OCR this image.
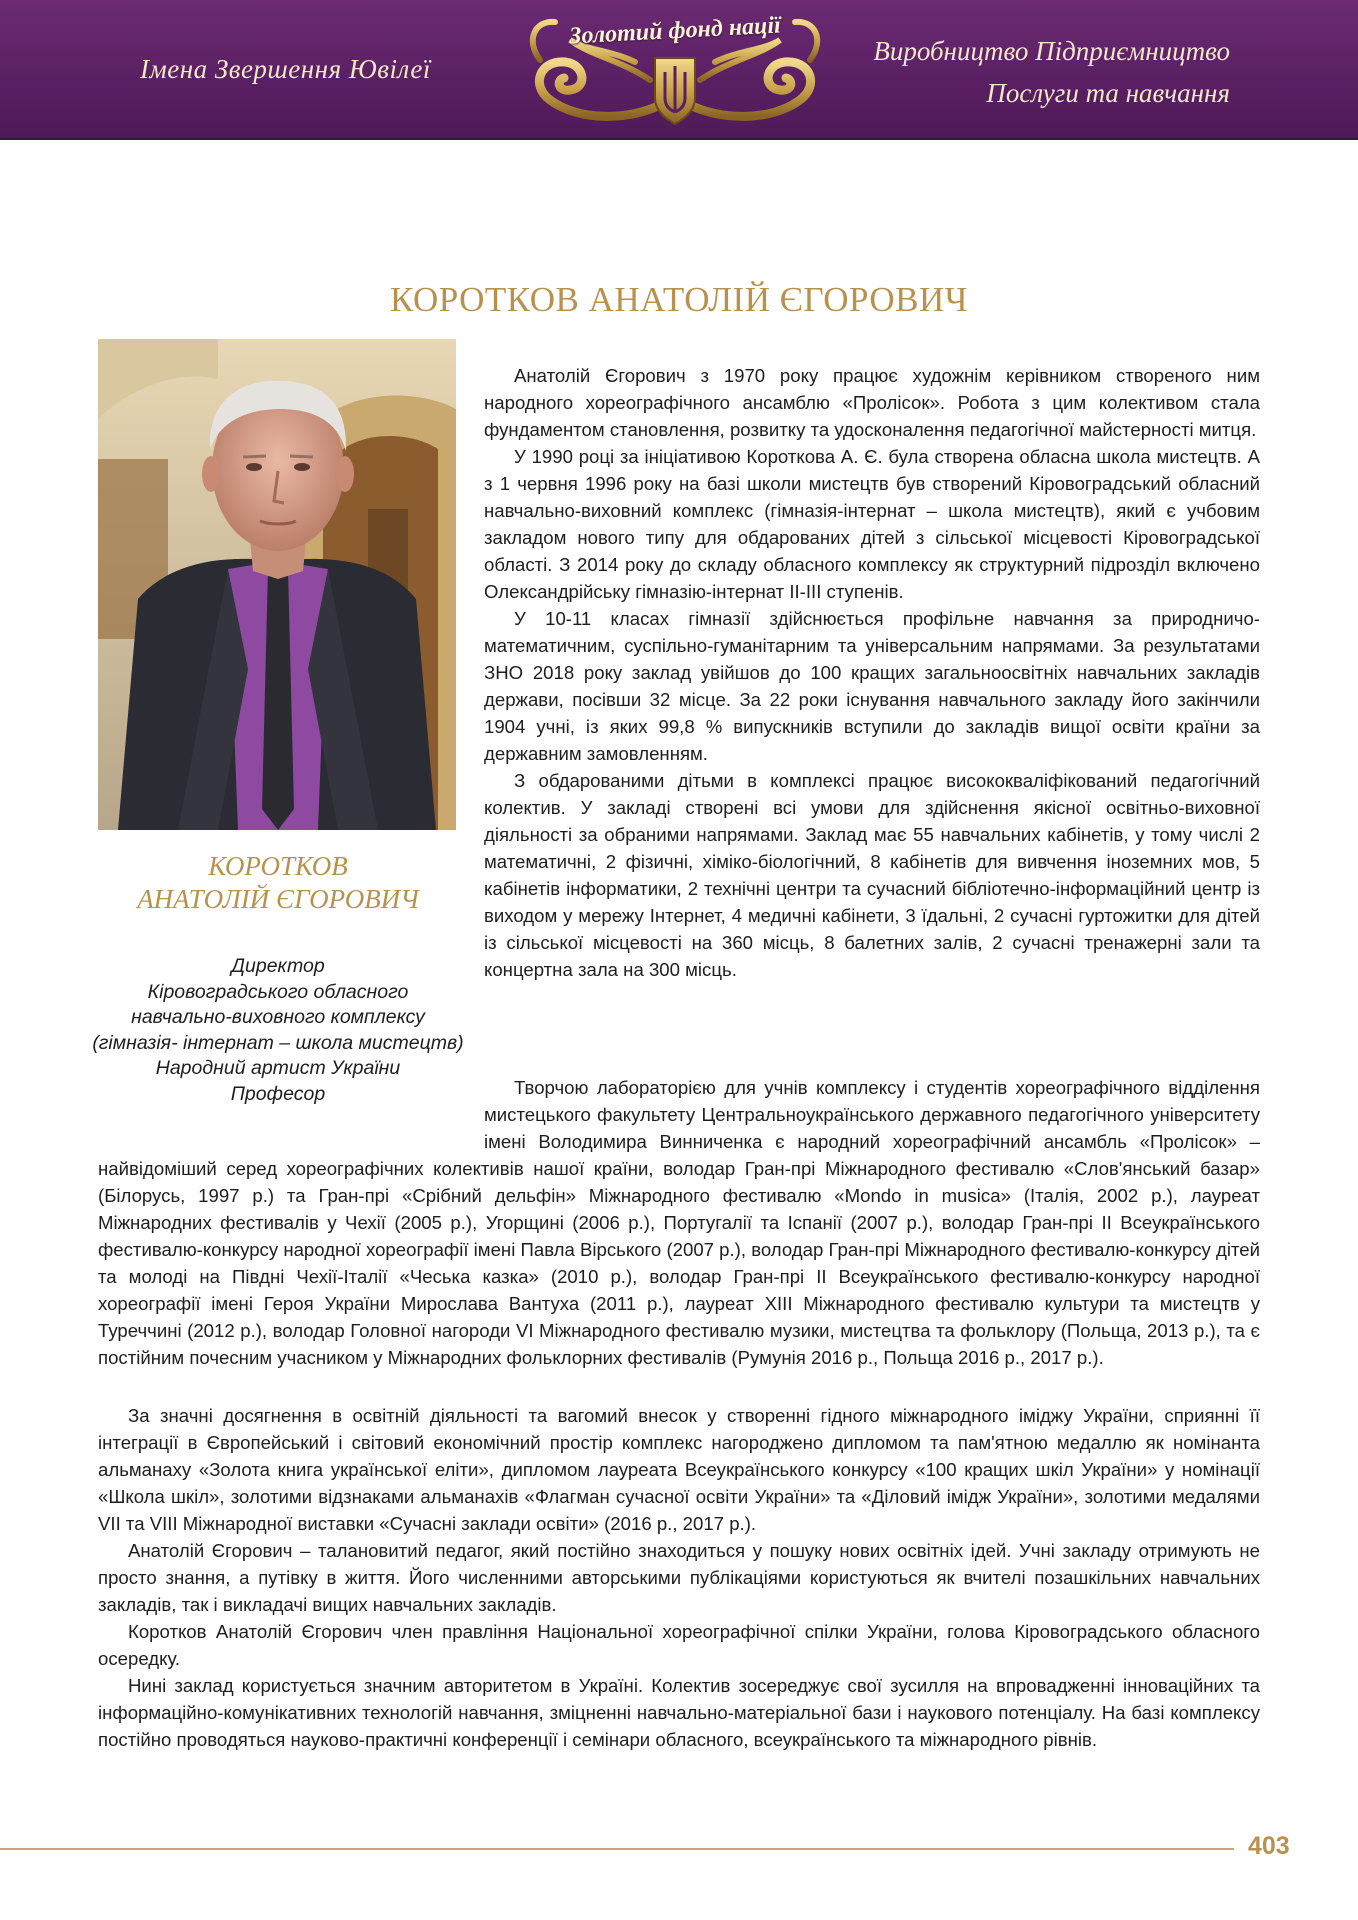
Імена Звершення Ювілеї
Золотий фонд нації
Виробництво Підприємництво
Послуги та навчання
КОРОТКОВ АНАТОЛІЙ ЄГОРОВИЧ
КОРОТКОВ
АНАТОЛІЙ ЄГОРОВИЧ
Директор
Кіровоградського обласного
навчально-виховного комплексу
(гімназія- інтернат – школа мистецтв)
Народний артист України
Професор

Анатолій Єгорович з 1970 року працює художнім керівником створеного ним народного хореографічного ансамблю «Пролісок». Робота з цим колективом стала фундаментом становлення, розвитку та удосконалення педагогічної майстерності митця.

У 1990 році за ініціативою Короткова А. Є. була створена обласна школа мистецтв. А з 1 червня 1996 року на базі школи мистецтв був створений Кіровоградський обласний навчально-виховний комплекс (гімназія-інтернат – школа мистецтв), який є учбовим закладом нового типу для обдарованих дітей з сільської місцевості Кіровоградської області. З 2014 року до складу обласного комплексу як структурний підрозділ включено Олександрійську гімназію-інтернат ІІ-ІІІ ступенів.

У 10-11 класах гімназії здійснюється профільне навчання за природничо-математичним, суспільно-гуманітарним та універсальним напрямами. За результатами ЗНО 2018 року заклад увійшов до 100 кращих загальноосвітніх навчальних закладів держави, посівши 32 місце. За 22 роки існування навчального закладу його закінчили 1904 учні, із яких 99,8 % випускників вступили до закладів вищої освіти країни за державним замовленням.

З обдарованими дітьми в комплексі працює висококваліфікований педагогічний колектив. У закладі створені всі умови для здійснення якісної освітньо-виховної діяльності за обраними напрямами. Заклад має 55 навчальних кабінетів, у тому числі 2 математичні, 2 фізичні, хіміко-біологічний, 8 кабінетів для вивчення іноземних мов, 5 кабінетів інформатики, 2 технічні центри та сучасний бібліотечно-інформаційний центр із виходом у мережу Інтернет, 4 медичні кабінети, 3 їдальні, 2 сучасні гуртожитки для дітей із сільської місцевості на 360 місць, 8 балетних залів, 2 сучасні тренажерні зали та концертна зала на 300 місць.

Творчою лабораторією для учнів комплексу і студентів хореографічного відділення мистецького факультету Центральноукраїнського державного педагогічного університету імені Володимира Винниченка є народний хореографічний ансамбль «Пролісок» – найвідоміший серед хореографічних колективів нашої країни, володар Гран-прі Міжнародного фестивалю «Слов'янський базар» (Білорусь, 1997 р.) та Гран-прі «Срібний дельфін» Міжнародного фестивалю «Mondo in musica» (Італія, 2002 р.), лауреат Міжнародних фестивалів у Чехії (2005 р.), Угорщині (2006 р.), Португалії та Іспанії (2007 р.), володар Гран-прі ІІ Всеукраїнського фестивалю-конкурсу народної хореографії імені Павла Вірського (2007 р.), володар Гран-прі Міжнародного фестивалю-конкурсу дітей та молоді на Півдні Чехії-Італії «Чеська казка» (2010 р.), володар Гран-прі ІІ Всеукраїнського фестивалю-конкурсу народної хореографії імені Героя України Мирослава Вантуха (2011 р.), лауреат XIII Міжнародного фестивалю культури та мистецтв у Туреччині (2012 р.), володар Головної нагороди VI Міжнародного фестивалю музики, мистецтва та фольклору (Польща, 2013 р.), та є постійним почесним учасником у Міжнародних фольклорних фестивалів (Румунія 2016 р., Польща 2016 р., 2017 р.).

За значні досягнення в освітній діяльності та вагомий внесок у створенні гідного міжнародного іміджу України, сприянні її інтеграції в Європейський і світовий економічний простір комплекс нагороджено дипломом та пам'ятною медаллю як номінанта альманаху «Золота книга української еліти», дипломом лауреата Всеукраїнського конкурсу «100 кращих шкіл України» у номінації «Школа шкіл», золотими відзнаками альманахів «Флагман сучасної освіти України» та «Діловий імідж України», золотими медалями VII та VIII Міжнародної виставки «Сучасні заклади освіти» (2016 р., 2017 р.).

Анатолій Єгорович – талановитий педагог, який постійно знаходиться у пошуку нових освітніх ідей. Учні закладу отримують не просто знання, а путівку в життя. Його численними авторськими публікаціями користуються як вчителі позашкільних навчальних закладів, так і викладачі вищих навчальних закладів.

Коротков Анатолій Єгорович член правління Національної хореографічної спілки України, голова Кіровоградського обласного осередку.

Нині заклад користується значним авторитетом в Україні. Колектив зосереджує свої зусилля на впровадженні інноваційних та інформаційно-комунікативних технологій навчання, зміцненні навчально-матеріальної бази і наукового потенціалу. На базі комплексу постійно проводяться науково-практичні конференції і семінари обласного, всеукраїнського та міжнародного рівнів.

403
